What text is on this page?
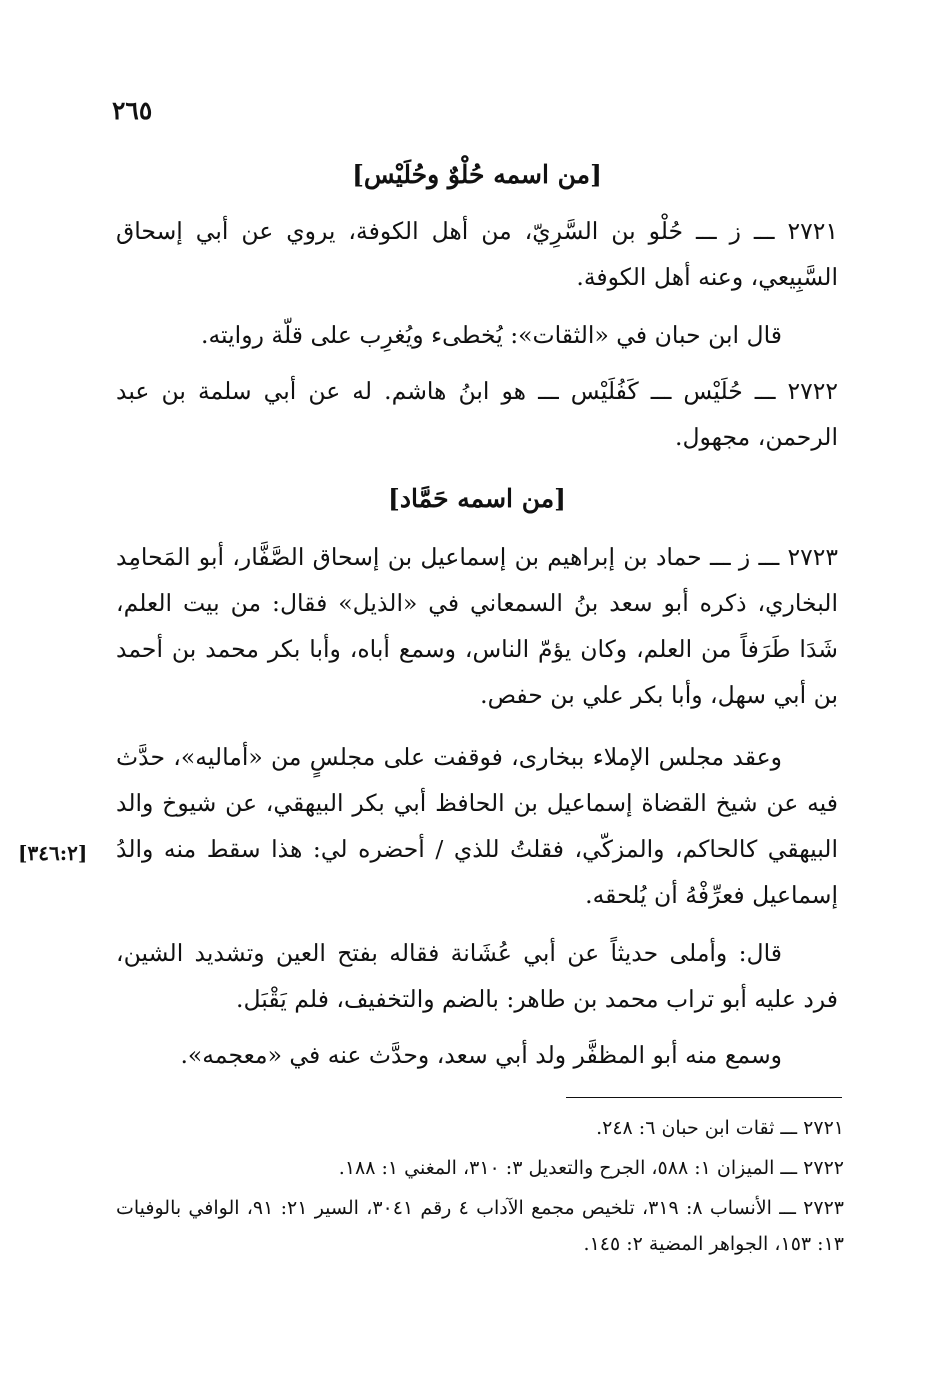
٢٦٥
[من اسمه حُلْوٌ وحُلَيْس]

٢٧٢١ ـــ ز ـــ حُلْو بن السَّرِيّ، من أهل الكوفة، يروي عن أبي إسحاق السَّبِيعي، وعنه أهل الكوفة.

قال ابن حبان في «الثقات»: يُخطىء ويُغرِب على قلّة روايته.

٢٧٢٢ ـــ حُلَيْس ـــ كَفُلَيْس ـــ هو ابنُ هاشم. له عن أبي سلمة بن عبد الرحمن، مجهول.

[من اسمه حَمَّاد]

٢٧٢٣ ـــ ز ـــ حماد بن إبراهيم بن إسماعيل بن إسحاق الصَّفَّار، أبو المَحامِد البخاري، ذكره أبو سعد بنُ السمعاني في «الذيل» فقال: من بيت العلم، شَدَا طَرَفاً من العلم، وكان يؤمّ الناس، وسمع أباه، وأبا بكر محمد بن أحمد بن أبي سهل، وأبا بكر علي بن حفص.

وعقد مجلس الإملاء ببخارى، فوقفت على مجلسٍ من «أماليه»، حدَّث فيه عن شيخ القضاة إسماعيل بن الحافظ أبي بكر البيهقي، عن شيوخ والد البيهقي كالحاكم، والمزكّي، فقلتُ للذي / أحضره لي: هذا سقط منه والدُ إسماعيل فعرِّفْهُ أن يُلحقه.

[٣٤٦:٢]

قال: وأملى حديثاً عن أبي عُشَانة فقاله بفتح العين وتشديد الشين، فرد عليه أبو تراب محمد بن طاهر: بالضم والتخفيف، فلم يَقْبَل.

وسمع منه أبو المظفَّر ولد أبي سعد، وحدَّث عنه في «معجمه».

٢٧٢١ ـــ ثقات ابن حبان ٦: ٢٤٨.

٢٧٢٢ ـــ الميزان ١: ٥٨٨، الجرح والتعديل ٣: ٣١٠، المغني ١: ١٨٨.

٢٧٢٣ ـــ الأنساب ٨: ٣١٩، تلخيص مجمع الآداب ٤ رقم ٣٠٤١، السير ٢١: ٩١، الوافي بالوفيات ١٣: ١٥٣، الجواهر المضية ٢: ١٤٥.
